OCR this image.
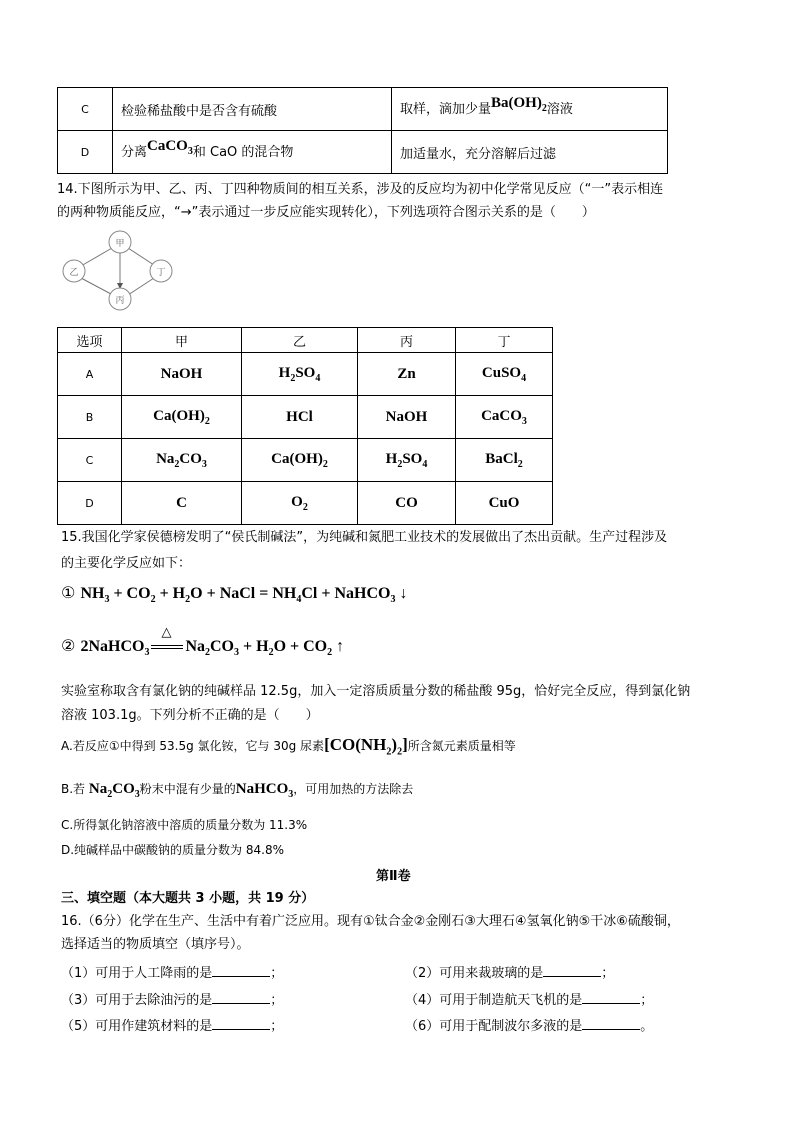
C	检验稀盐酸中是否含有硫酸	取样，滴加少量$Ba(OH)_2$溶液
D	分离CaCO$_3$和 CaO 的混合物	加适量水，充分溶解后过滤
14.下图所示为甲、乙、丙、丁四种物质间的相互关系，涉及的反应均为初中化学常见反应（“一”表示相连
的两种物质能反应，“→”表示通过一步反应能实现转化），下列选项符合图示关系的是（　　）
甲
乙
丙
丁
选项	甲	乙	丙	丁
A	NaOH	$H_2SO_4$	Zn	CuSO$_4$
B	$Ca(OH)_2$	HCl	NaOH	CaCO$_3$
C	$Na_2CO_3$	$Ca(OH)_2$	$H_2SO_4$	BaCl$_2$
D	C	$O_2$	CO	CuO
15.我国化学家侯德榜发明了“侯氏制碱法”，为纯碱和氮肥工业技术的发展做出了杰出贡献。生产过程涉及
的主要化学反应如下：
① $NH_3 + CO_2 + H_2O$ + NaCl = $NH_4Cl$ + NaHCO$_3$ ↓
② 2NaHCO$_3$
△
$Na_2CO_3 + H_2O + CO_2$ ↑
实验室称取含有氯化钠的纯碱样品 12.5g，加入一定溶质质量分数的稀盐酸 95g，恰好完全反应，得到氯化钠
溶液 103.1g。下列分析不正确的是（　　）
A.若反应①中得到 53.5g 氯化铵，它与 30g 尿素$[CO(NH_2)_2]$所含氮元素质量相等
B.若 $Na_2CO_3$粉末中混有少量的NaHCO$_3$，可用加热的方法除去
C.所得氯化钠溶液中溶质的质量分数为 11.3%
D.纯碱样品中碳酸钠的质量分数为 84.8%
第Ⅱ卷
三、填空题（本大题共 3 小题，共 19 分）
16.（6分）化学在生产、生活中有着广泛应用。现有①钛合金②金刚石③大理石④氢氧化钠⑤干冰⑥硫酸铜，
选择适当的物质填空（填序号）。
（1）可用于人工降雨的是	；	（2）可用来裁玻璃的是	；
（3）可用于去除油污的是	；	（4）可用于制造航天飞机的是	；
（5）可用作建筑材料的是	；	（6）可用于配制波尔多液的是	。
